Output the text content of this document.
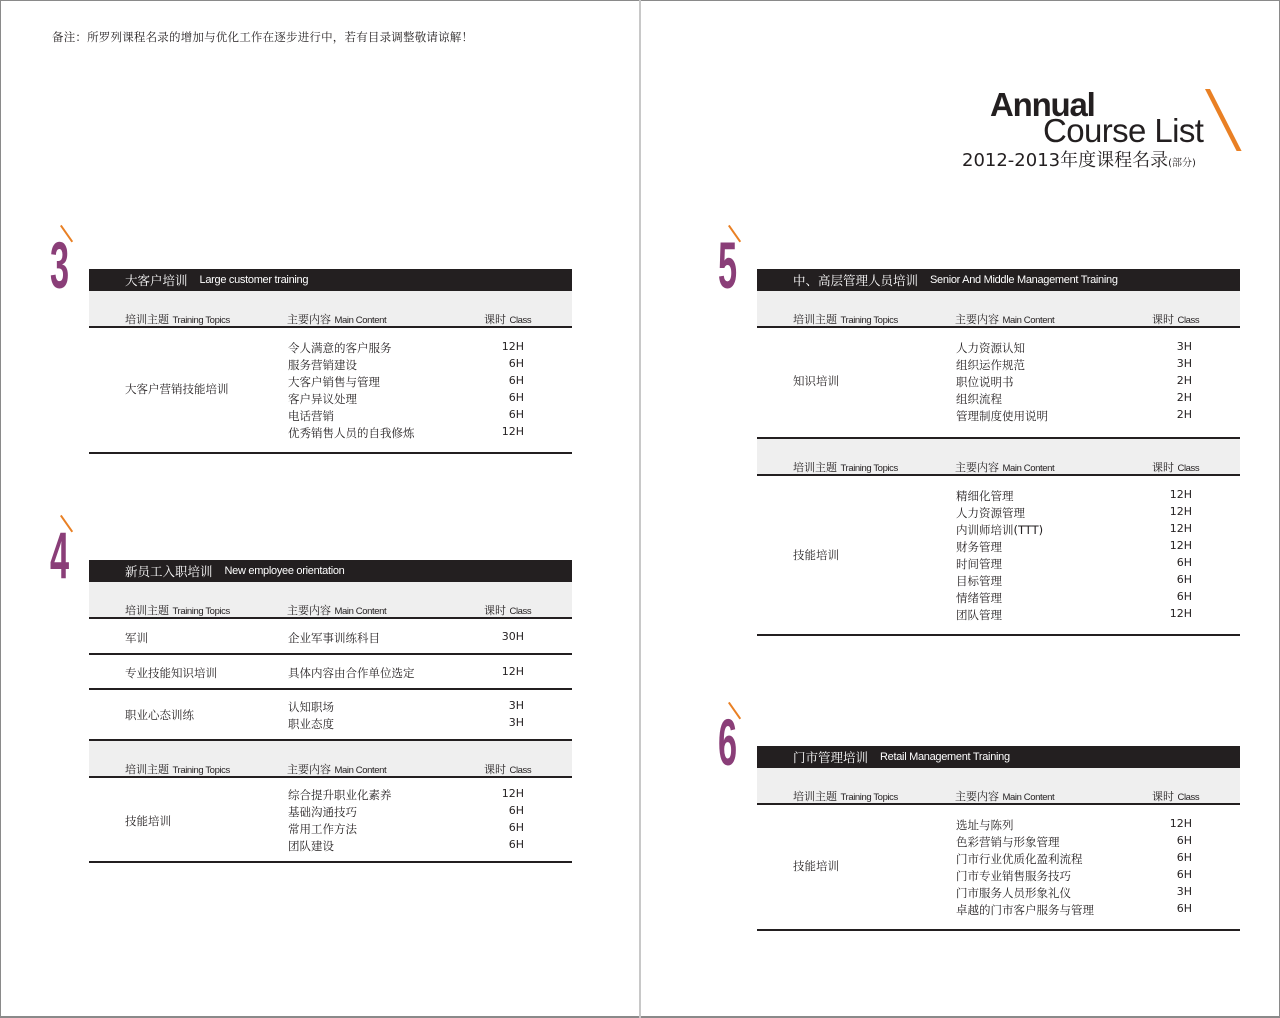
备注：所罗列课程名录的增加与优化工作在逐步进行中，若有目录调整敬请谅解！
Annual
Course List
2012-2013年度课程名录(部分)
3	大客户培训 Large customer training
培训主题 Training Topics	主要内容 Main Content	课时 Class
大客户营销技能培训
令人满意的客户服务	12H
服务营销建设	6H
大客户销售与管理	6H
客户异议处理	6H
电话营销	6H
优秀销售人员的自我修炼	12H
4	新员工入职培训 New employee orientation
培训主题 Training Topics	主要内容 Main Content	课时 Class
军训	企业军事训练科目	30H
专业技能知识培训	具体内容由合作单位选定	12H
职业心态训练
认知职场	3H
职业态度	3H
培训主题 Training Topics	主要内容 Main Content	课时 Class
技能培训
综合提升职业化素养	12H
基础沟通技巧	6H
常用工作方法	6H
团队建设	6H
5	中、高层管理人员培训 Senior And Middle Management Training
培训主题 Training Topics	主要内容 Main Content	课时 Class
知识培训
人力资源认知	3H
组织运作规范	3H
职位说明书	2H
组织流程	2H
管理制度使用说明	2H
培训主题 Training Topics	主要内容 Main Content	课时 Class
技能培训
精细化管理	12H
人力资源管理	12H
内训师培训(TTT)	12H
财务管理	12H
时间管理	6H
目标管理	6H
情绪管理	6H
团队管理	12H
6	门市管理培训 Retail Management Training
培训主题 Training Topics	主要内容 Main Content	课时 Class
技能培训
选址与陈列	12H
色彩营销与形象管理	6H
门市行业优质化盈利流程	6H
门市专业销售服务技巧	6H
门市服务人员形象礼仪	3H
卓越的门市客户服务与管理	6H
